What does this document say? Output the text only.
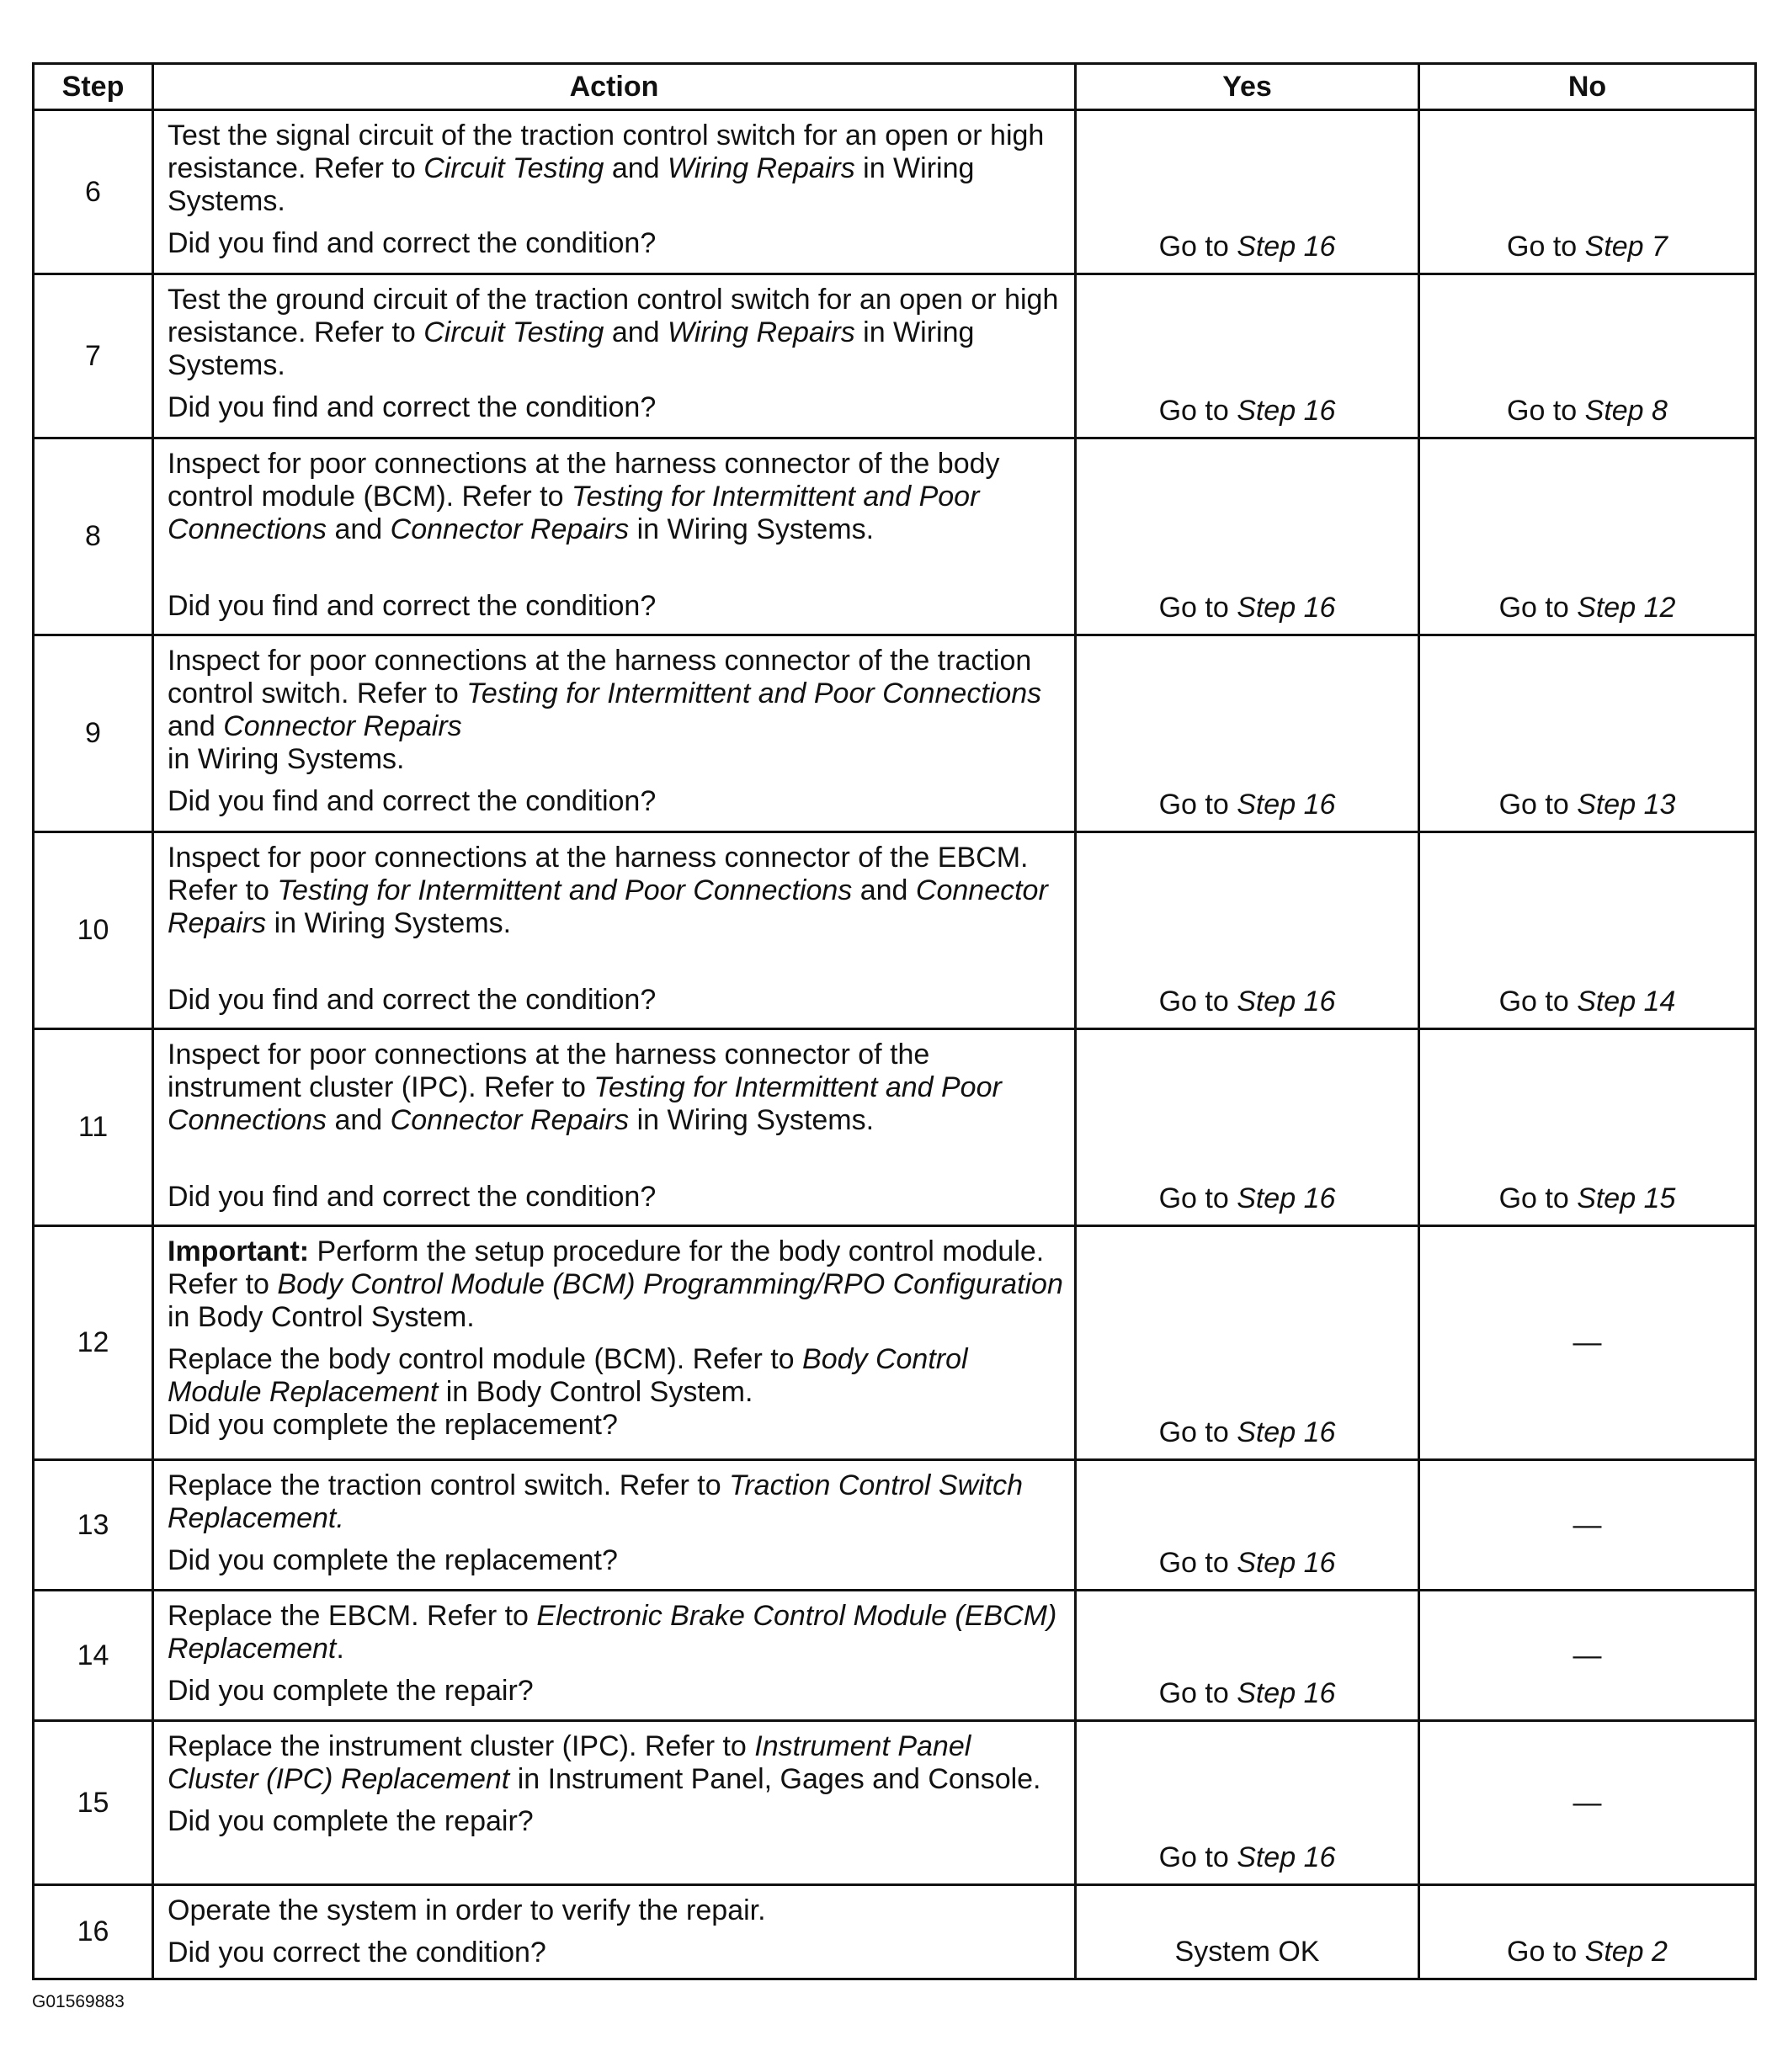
Step	Action	Yes	No
6	Test the signal circuit of the traction control switch for an open or high resistance. Refer to Circuit Testing and Wiring Repairs in Wiring Systems.
Did you find and correct the condition?	Go to Step 16	Go to Step 7
7	Test the ground circuit of the traction control switch for an open or high resistance. Refer to Circuit Testing and Wiring Repairs in Wiring Systems.
Did you find and correct the condition?	Go to Step 16	Go to Step 8
8	Inspect for poor connections at the harness connector of the body control module (BCM). Refer to Testing for Intermittent and Poor Connections and Connector Repairs in Wiring Systems.
Did you find and correct the condition?	Go to Step 16	Go to Step 12
9	Inspect for poor connections at the harness connector of the traction control switch. Refer to Testing for Intermittent and Poor Connections and Connector Repairs
in Wiring Systems.
Did you find and correct the condition?	Go to Step 16	Go to Step 13
10	Inspect for poor connections at the harness connector of the EBCM. Refer to Testing for Intermittent and Poor Connections and Connector Repairs in Wiring Systems.
Did you find and correct the condition?	Go to Step 16	Go to Step 14
11	Inspect for poor connections at the harness connector of the instrument cluster (IPC). Refer to Testing for Intermittent and Poor Connections and Connector Repairs in Wiring Systems.
Did you find and correct the condition?	Go to Step 16	Go to Step 15
12	Important: Perform the setup procedure for the body control module. Refer to Body Control Module (BCM) Programming/RPO Configuration in Body Control System.
Replace the body control module (BCM). Refer to Body Control Module Replacement in Body Control System.
Did you complete the replacement?	Go to Step 16	—
13	Replace the traction control switch. Refer to Traction Control Switch Replacement.
Did you complete the replacement?	Go to Step 16	—
14	Replace the EBCM. Refer to Electronic Brake Control Module (EBCM) Replacement.
Did you complete the repair?	Go to Step 16	—
15	Replace the instrument cluster (IPC). Refer to Instrument Panel Cluster (IPC) Replacement in Instrument Panel, Gages and Console.
Did you complete the repair?	Go to Step 16	—
16	Operate the system in order to verify the repair.
Did you correct the condition?	System OK	Go to Step 2
G01569883
